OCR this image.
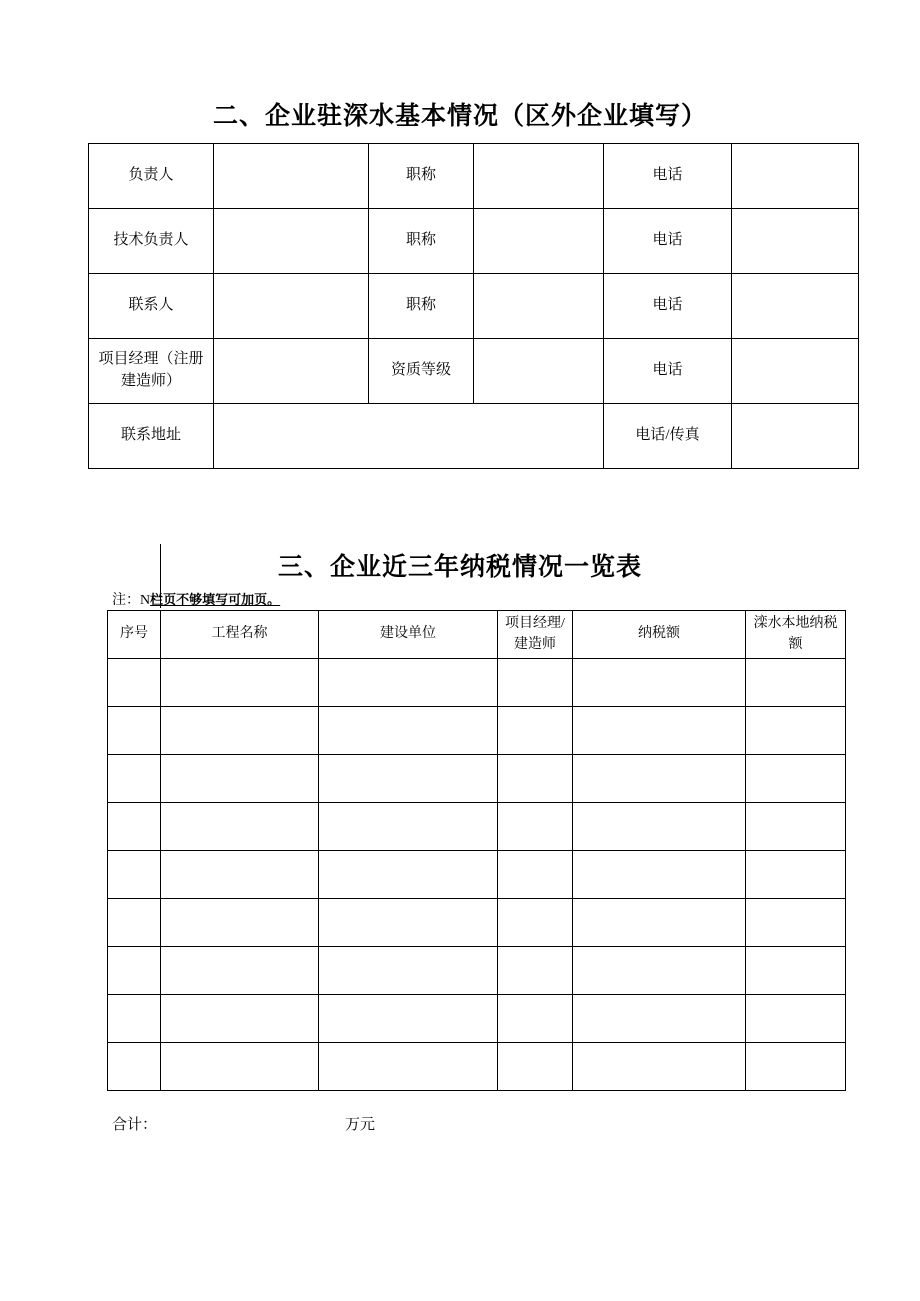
二、企业驻深水基本情况（区外企业填写）
负责人		职称		电话	
技术负责人		职称		电话	
联系人		职称		电话	
项目经理（注册建造师）		资质等级		电话	
联系地址				电话/传真	
三、企业近三年纳税情况一览表
注：N栏页不够填写可加页。
序号	工程名称	建设单位	项目经理/建造师	纳税额	滦水本地纳税额

合计：	万元
